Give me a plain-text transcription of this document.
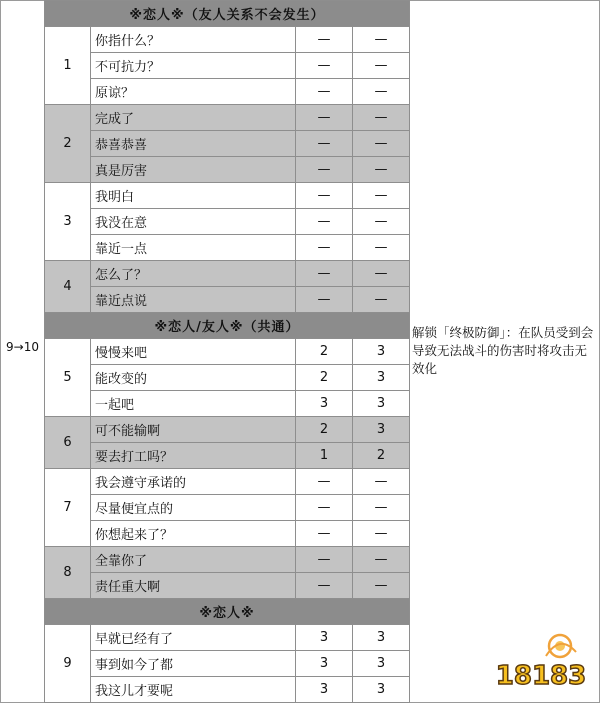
9→10
※恋人※（友人关系不会发生）			
1	你指什么？	—	—
	不可抗力？	—	—
	原谅？	—	—
2	完成了	—	—
	恭喜恭喜	—	—
	真是厉害	—	—
3	我明白	—	—
	我没在意	—	—
	靠近一点	—	—
4	怎么了？	—	—
	靠近点说	—	—
※恋人/友人※（共通）			
5	慢慢来吧	2	3
	能改变的	2	3
	一起吧	3	3
6	可不能输啊	2	3
	要去打工吗？	1	2
7	我会遵守承诺的	—	—
	尽量便宜点的	—	—
	你想起来了？	—	—
8	全靠你了	—	—
	责任重大啊	—	—
※恋人※			
9	早就已经有了	3	3
	事到如今了都	3	3
	我这儿才要呢	3	3
解锁「终极防御」：在队员受到会导致无法战斗的伤害时将攻击无效化
18183
